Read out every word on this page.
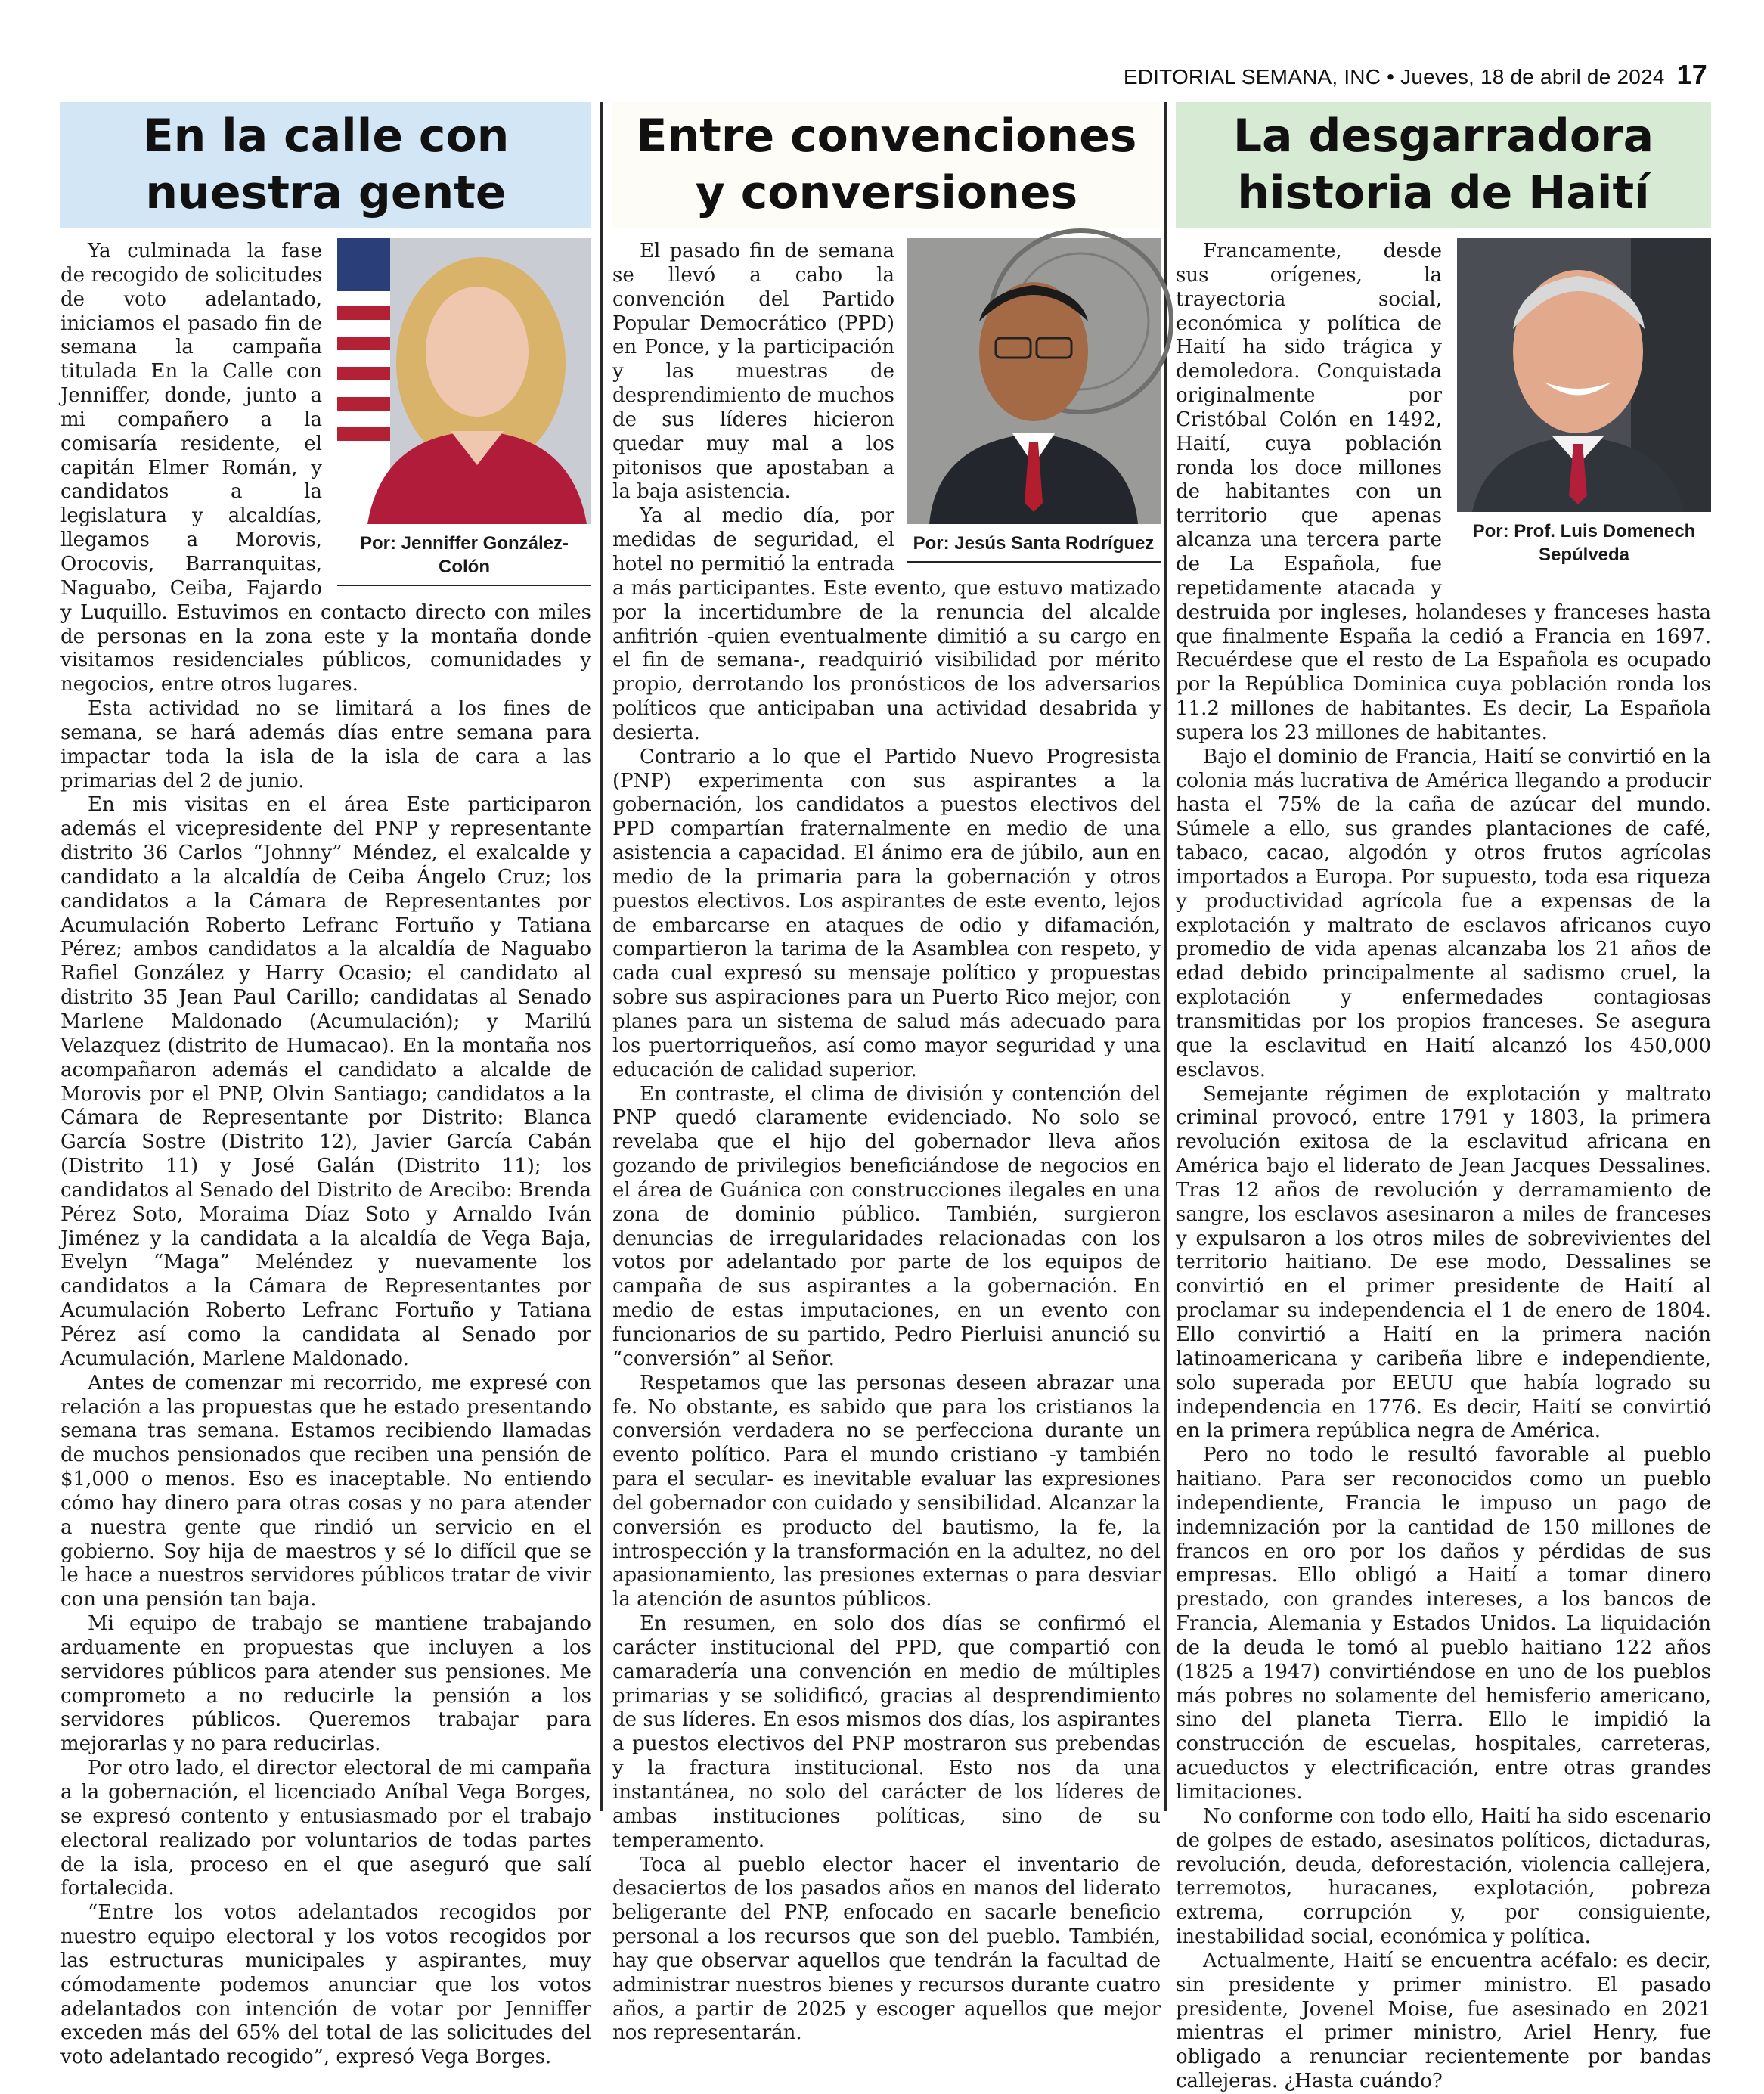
EDITORIAL SEMANA, INC • Jueves, 18 de abril de 2024 17
En la calle con
nuestra gente
Por: Jenniffer González-Colón

Ya culminada la fase de recogido de solicitudes de voto adelantado, iniciamos el pasado fin de semana la campaña titulada En la Calle con Jenniffer, donde, junto a mi compañero a la comisaría residente, el capitán Elmer Román, y candidatos a la legislatura y alcaldías, llegamos a Morovis, Orocovis, Barranquitas, Naguabo, Ceiba, Fajardo y Luquillo. Estuvimos en contacto directo con miles de personas en la zona este y la montaña donde visitamos residenciales públicos, comunidades y negocios, entre otros lugares.

Esta actividad no se limitará a los fines de semana, se hará además días entre semana para impactar toda la isla de la isla de cara a las primarias del 2 de junio.

En mis visitas en el área Este participaron además el vicepresidente del PNP y representante distrito 36 Carlos “Johnny” Méndez, el exalcalde y candidato a la alcaldía de Ceiba Ángelo Cruz; los candidatos a la Cámara de Representantes por Acumulación Roberto Lefranc Fortuño y Tatiana Pérez; ambos candidatos a la alcaldía de Naguabo Rafiel González y Harry Ocasio; el candidato al distrito 35 Jean Paul Carillo; candidatas al Senado Marlene Maldonado (Acumulación); y Marilú Velazquez (distrito de Humacao). En la montaña nos acompañaron además el candidato a alcalde de Morovis por el PNP, Olvin Santiago; candidatos a la Cámara de Representante por Distrito: Blanca García Sostre (Distrito 12), Javier García Cabán (Distrito 11) y José Galán (Distrito 11); los candidatos al Senado del Distrito de Arecibo: Brenda Pérez Soto, Moraima Díaz Soto y Arnaldo Iván Jiménez y la candidata a la alcaldía de Vega Baja, Evelyn “Maga” Meléndez y nuevamente los candidatos a la Cámara de Representantes por Acumulación Roberto Lefranc Fortuño y Tatiana Pérez así como la candidata al Senado por Acumulación, Marlene Maldonado.

Antes de comenzar mi recorrido, me expresé con relación a las propuestas que he estado presentando semana tras semana. Estamos recibiendo llamadas de muchos pensionados que reciben una pensión de $1,000 o menos. Eso es inaceptable. No entiendo cómo hay dinero para otras cosas y no para atender a nuestra gente que rindió un servicio en el gobierno. Soy hija de maestros y sé lo difícil que se le hace a nuestros servidores públicos tratar de vivir con una pensión tan baja.

Mi equipo de trabajo se mantiene trabajando arduamente en propuestas que incluyen a los servidores públicos para atender sus pensiones. Me comprometo a no reducirle la pensión a los servidores públicos. Queremos trabajar para mejorarlas y no para reducirlas.

Por otro lado, el director electoral de mi campaña a la gobernación, el licenciado Aníbal Vega Borges, se expresó contento y entusiasmado por el trabajo electoral realizado por voluntarios de todas partes de la isla, proceso en el que aseguró que salí fortalecida.

“Entre los votos adelantados recogidos por nuestro equipo electoral y los votos recogidos por las estructuras municipales y aspirantes, muy cómodamente podemos anunciar que los votos adelantados con intención de votar por Jenniffer exceden más del 65% del total de las solicitudes del voto adelantado recogido”, expresó Vega Borges.

Entre convenciones
y conversiones
Por: Jesús Santa Rodríguez

El pasado fin de semana se llevó a cabo la convención del Partido Popular Democrático (PPD) en Ponce, y la participación y las muestras de desprendimiento de muchos de sus líderes hicieron quedar muy mal a los pitonisos que apostaban a la baja asistencia.

Ya al medio día, por medidas de seguridad, el hotel no permitió la entrada a más participantes. Este evento, que estuvo matizado por la incertidumbre de la renuncia del alcalde anfitrión -quien eventualmente dimitió a su cargo en el fin de semana-, readquirió visibilidad por mérito propio, derrotando los pronósticos de los adversarios políticos que anticipaban una actividad desabrida y desierta.

Contrario a lo que el Partido Nuevo Progresista (PNP) experimenta con sus aspirantes a la gobernación, los candidatos a puestos electivos del PPD compartían fraternalmente en medio de una asistencia a capacidad. El ánimo era de júbilo, aun en medio de la primaria para la gobernación y otros puestos electivos. Los aspirantes de este evento, lejos de embarcarse en ataques de odio y difamación, compartieron la tarima de la Asamblea con respeto, y cada cual expresó su mensaje político y propuestas sobre sus aspiraciones para un Puerto Rico mejor, con planes para un sistema de salud más adecuado para los puertorriqueños, así como mayor seguridad y una educación de calidad superior.

En contraste, el clima de división y contención del PNP quedó claramente evidenciado. No solo se revelaba que el hijo del gobernador lleva años gozando de privilegios beneficiándose de negocios en el área de Guánica con construcciones ilegales en una zona de dominio público. También, surgieron denuncias de irregularidades relacionadas con los votos por adelantado por parte de los equipos de campaña de sus aspirantes a la gobernación. En medio de estas imputaciones, en un evento con funcionarios de su partido, Pedro Pierluisi anunció su “conversión” al Señor.

Respetamos que las personas deseen abrazar una fe. No obstante, es sabido que para los cristianos la conversión verdadera no se perfecciona durante un evento político. Para el mundo cristiano -y también para el secular- es inevitable evaluar las expresiones del gobernador con cuidado y sensibilidad. Alcanzar la conversión es producto del bautismo, la fe, la introspección y la transformación en la adultez, no del apasionamiento, las presiones externas o para desviar la atención de asuntos públicos.

En resumen, en solo dos días se confirmó el carácter institucional del PPD, que compartió con camaradería una convención en medio de múltiples primarias y se solidificó, gracias al desprendimiento de sus líderes. En esos mismos dos días, los aspirantes a puestos electivos del PNP mostraron sus prebendas y la fractura institucional. Esto nos da una instantánea, no solo del carácter de los líderes de ambas instituciones políticas, sino de su temperamento.

Toca al pueblo elector hacer el inventario de desaciertos de los pasados años en manos del liderato beligerante del PNP, enfocado en sacarle beneficio personal a los recursos que son del pueblo. También, hay que observar aquellos que tendrán la facultad de administrar nuestros bienes y recursos durante cuatro años, a partir de 2025 y escoger aquellos que mejor nos representarán.

La desgarradora
historia de Haití
Por: Prof. Luis Domenech
Sepúlveda

Francamente, desde sus orígenes, la trayectoria social, económica y política de Haití ha sido trágica y demoledora. Conquistada originalmente por Cristóbal Colón en 1492, Haití, cuya población ronda los doce millones de habitantes con un territorio que apenas alcanza una tercera parte de La Española, fue repetidamente atacada y destruida por ingleses, holandeses y franceses hasta que finalmente España la cedió a Francia en 1697. Recuérdese que el resto de La Española es ocupado por la República Dominica cuya población ronda los 11.2 millones de habitantes. Es decir, La Española supera los 23 millones de habitantes.

Bajo el dominio de Francia, Haití se convirtió en la colonia más lucrativa de América llegando a producir hasta el 75% de la caña de azúcar del mundo. Súmele a ello, sus grandes plantaciones de café, tabaco, cacao, algodón y otros frutos agrícolas importados a Europa. Por supuesto, toda esa riqueza y productividad agrícola fue a expensas de la explotación y maltrato de esclavos africanos cuyo promedio de vida apenas alcanzaba los 21 años de edad debido principalmente al sadismo cruel, la explotación y enfermedades contagiosas transmitidas por los propios franceses. Se asegura que la esclavitud en Haití alcanzó los 450,000 esclavos.

Semejante régimen de explotación y maltrato criminal provocó, entre 1791 y 1803, la primera revolución exitosa de la esclavitud africana en América bajo el liderato de Jean Jacques Dessalines. Tras 12 años de revolución y derramamiento de sangre, los esclavos asesinaron a miles de franceses y expulsaron a los otros miles de sobrevivientes del territorio haitiano. De ese modo, Dessalines se convirtió en el primer presidente de Haití al proclamar su independencia el 1 de enero de 1804. Ello convirtió a Haití en la primera nación latinoamericana y caribeña libre e independiente, solo superada por EEUU que había logrado su independencia en 1776. Es decir, Haití se convirtió en la primera república negra de América.

Pero no todo le resultó favorable al pueblo haitiano. Para ser reconocidos como un pueblo independiente, Francia le impuso un pago de indemnización por la cantidad de 150 millones de francos en oro por los daños y pérdidas de sus empresas. Ello obligó a Haití a tomar dinero prestado, con grandes intereses, a los bancos de Francia, Alemania y Estados Unidos. La liquidación de la deuda le tomó al pueblo haitiano 122 años (1825 a 1947) convirtiéndose en uno de los pueblos más pobres no solamente del hemisferio americano, sino del planeta Tierra. Ello le impidió la construcción de escuelas, hospitales, carreteras, acueductos y electrificación, entre otras grandes limitaciones.

No conforme con todo ello, Haití ha sido escenario de golpes de estado, asesinatos políticos, dictaduras, revolución, deuda, deforestación, violencia callejera, terremotos, huracanes, explotación, pobreza extrema, corrupción y, por consiguiente, inestabilidad social, económica y política.

Actualmente, Haití se encuentra acéfalo: es decir, sin presidente y primer ministro. El pasado presidente, Jovenel Moise, fue asesinado en 2021 mientras el primer ministro, Ariel Henry, fue obligado a renunciar recientemente por bandas callejeras. ¿Hasta cuándo?
